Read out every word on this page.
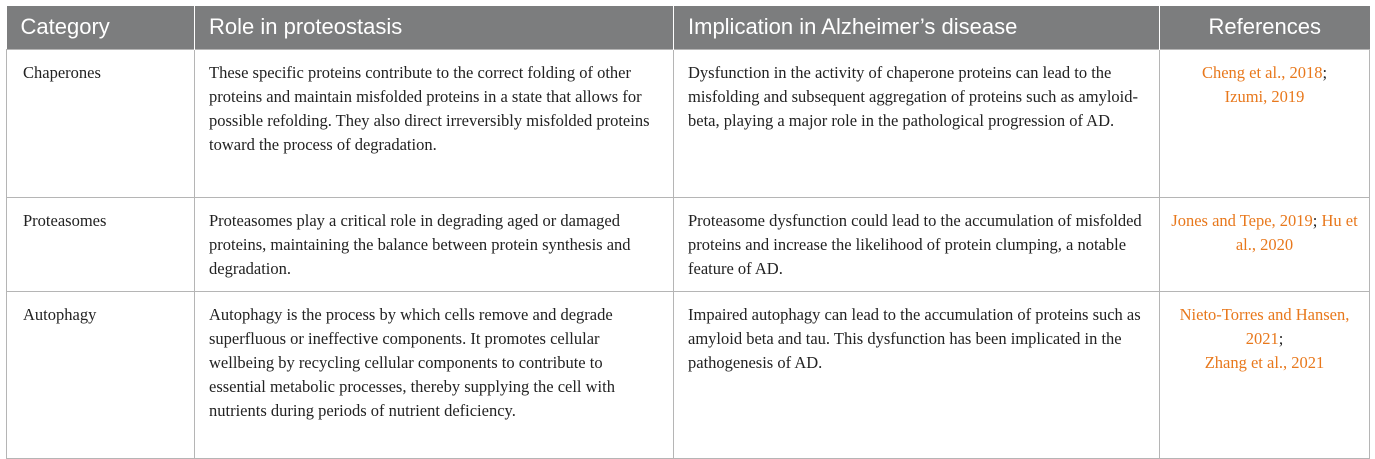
Category	Role in proteostasis	Implication in Alzheimer’s disease	References
Chaperones	These specific proteins contribute to the correct folding of other proteins and maintain misfolded proteins in a state that allows for possible refolding. They also direct irreversibly misfolded proteins toward the process of degradation.	Dysfunction in the activity of chaperone proteins can lead to the misfolding and subsequent aggregation of proteins such as amyloid-beta, playing a major role in the pathological progression of AD.	Cheng et al., 2018;
Izumi, 2019
Proteasomes	Proteasomes play a critical role in degrading aged or damaged proteins, maintaining the balance between protein synthesis and degradation.	Proteasome dysfunction could lead to the accumulation of misfolded proteins and increase the likelihood of protein clumping, a notable feature of AD.	Jones and Tepe, 2019; Hu et al., 2020
Autophagy	Autophagy is the process by which cells remove and degrade superfluous or ineffective components. It promotes cellular wellbeing by recycling cellular components to contribute to essential metabolic processes, thereby supplying the cell with nutrients during periods of nutrient deficiency.	Impaired autophagy can lead to the accumulation of proteins such as amyloid beta and tau. This dysfunction has been implicated in the pathogenesis of AD.	Nieto-Torres and Hansen, 2021;
Zhang et al., 2021
